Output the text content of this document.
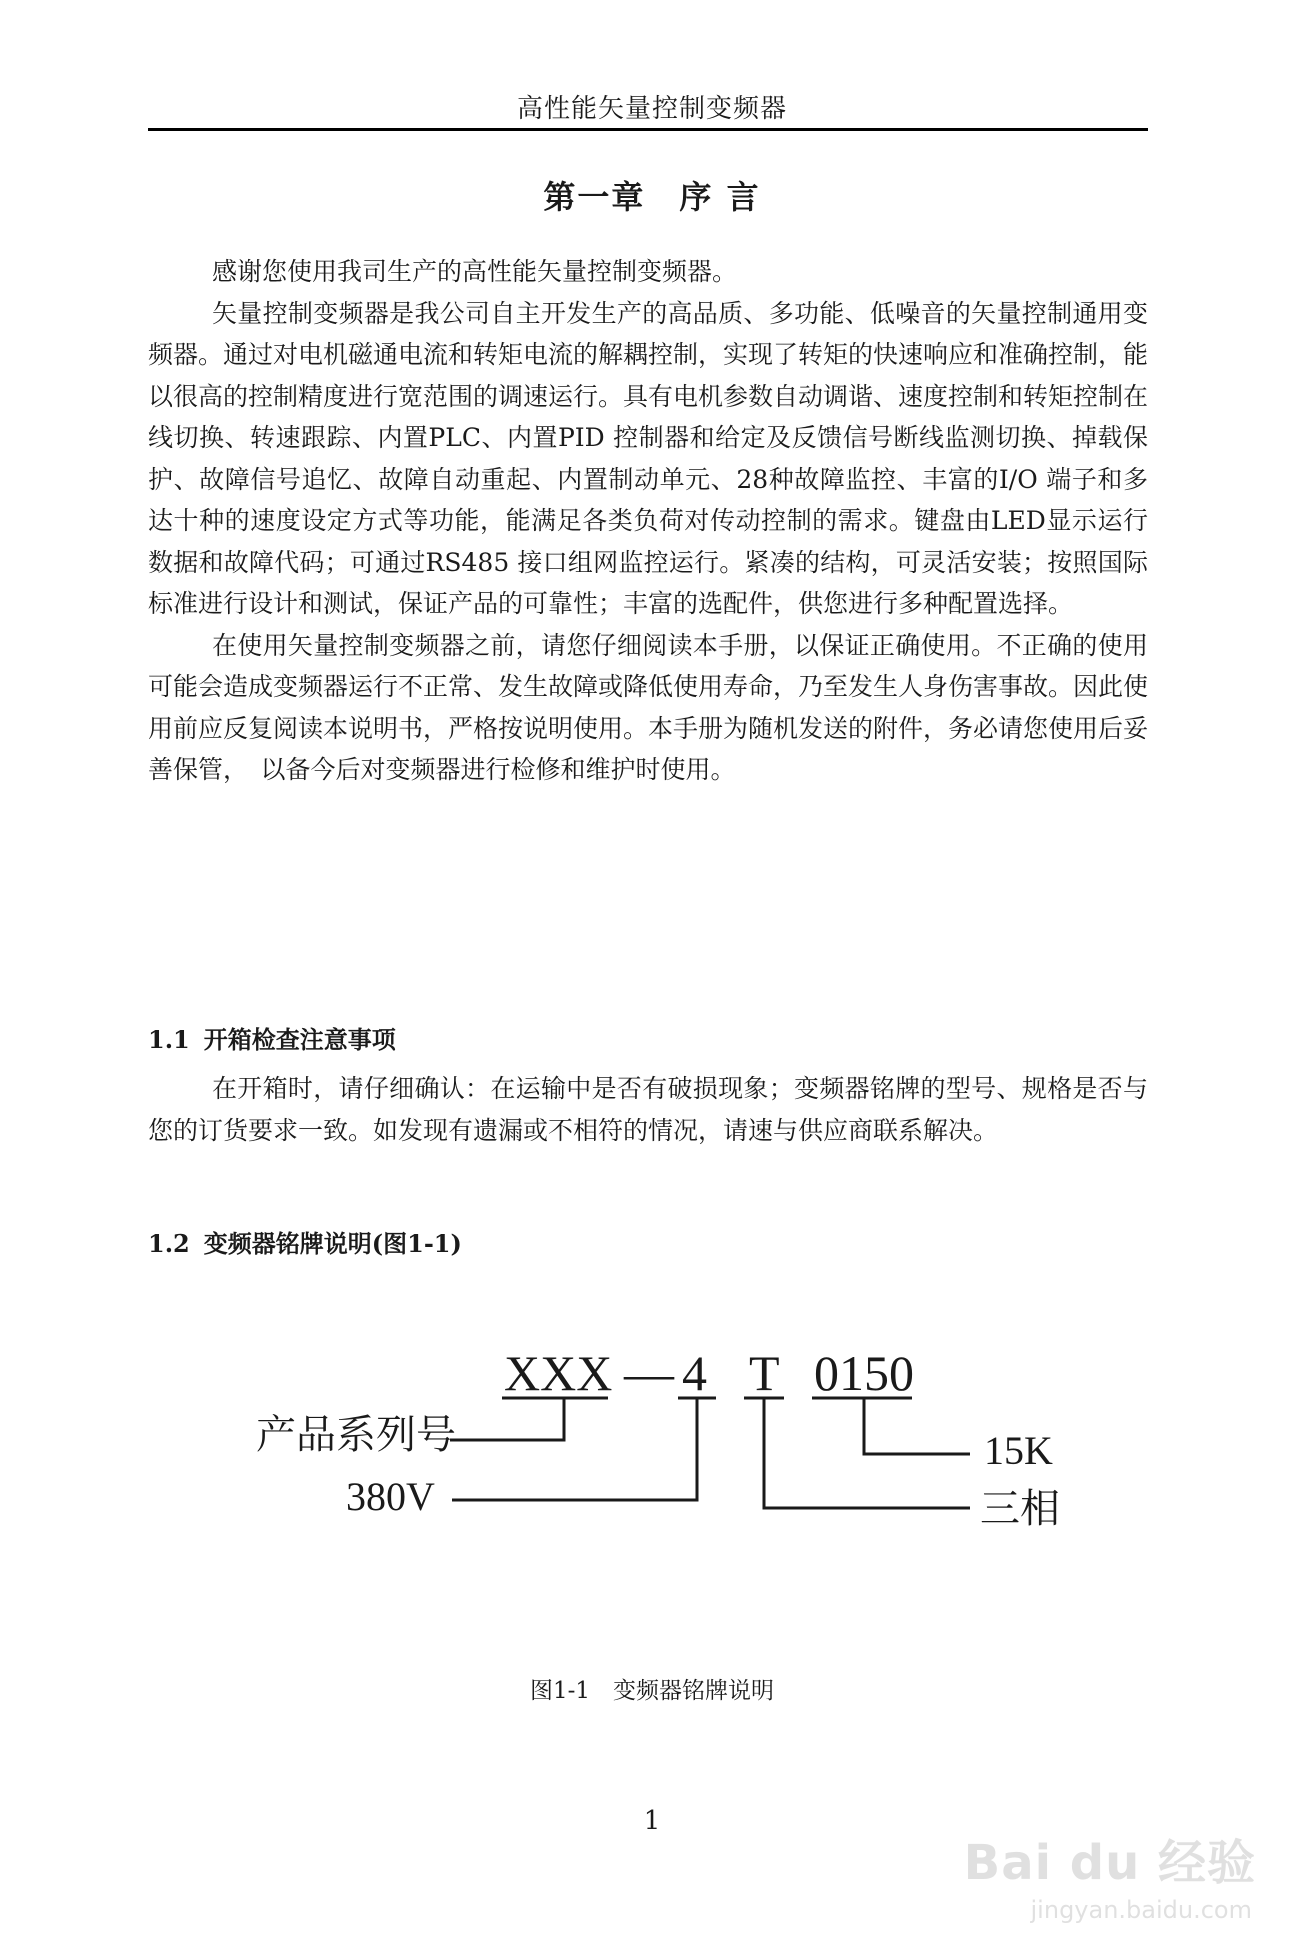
高性能矢量控制变频器
第一章　序 言

感谢您使用我司生产的高性能矢量控制变频器。

矢量控制变频器是我公司自主开发生产的高品质、多功能、低噪音的矢量控制通用变频器。通过对电机磁通电流和转矩电流的解耦控制，实现了转矩的快速响应和准确控制，能以很高的控制精度进行宽范围的调速运行。具有电机参数自动调谐、速度控制和转矩控制在线切换、转速跟踪、内置PLC、内置PID 控制器和给定及反馈信号断线监测切换、掉载保护、故障信号追忆、故障自动重起、内置制动单元、28种故障监控、丰富的I/O 端子和多达十种的速度设定方式等功能，能满足各类负荷对传动控制的需求。键盘由LED显示运行数据和故障代码；可通过RS485 接口组网监控运行。紧凑的结构，可灵活安装；按照国际标准进行设计和测试，保证产品的可靠性；丰富的选配件，供您进行多种配置选择。

在使用矢量控制变频器之前，请您仔细阅读本手册，以保证正确使用。不正确的使用可能会造成变频器运行不正常、发生故障或降低使用寿命，乃至发生人身伤害事故。因此使用前应反复阅读本说明书，严格按说明使用。本手册为随机发送的附件，务必请您使用后妥善保管，　以备今后对变频器进行检修和维护时使用。

1.1 开箱检查注意事项

在开箱时，请仔细确认：在运输中是否有破损现象；变频器铭牌的型号、规格是否与您的订货要求一致。如发现有遗漏或不相符的情况，请速与供应商联系解决。

1.2 变频器铭牌说明(图1-1)
XXX — 4 T 0150
产品系列号
380V
15K
三相
图1-1　变频器铭牌说明
1
Bai du 经验
jingyan.baidu.com
